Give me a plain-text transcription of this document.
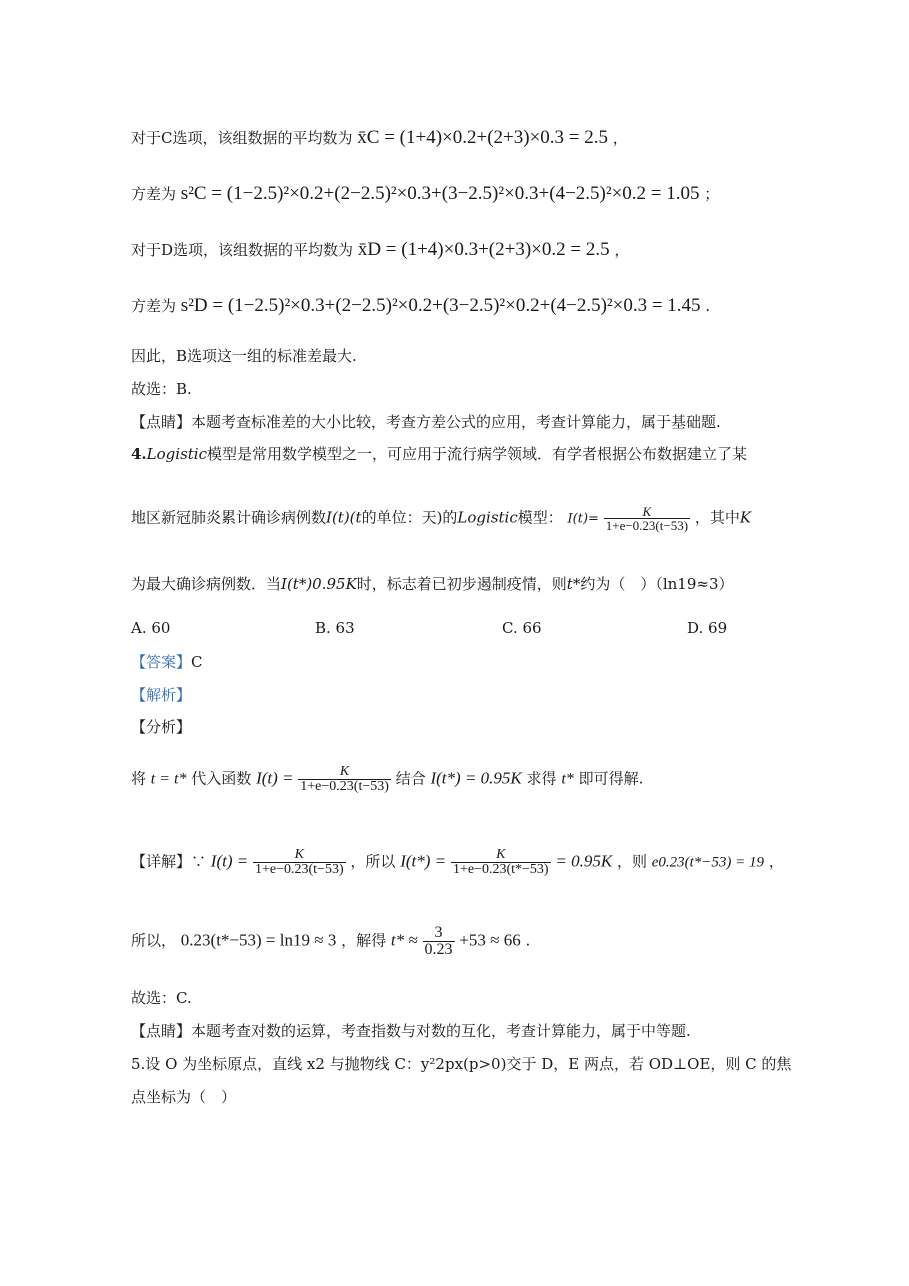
对于C选项，该组数据的平均数为 x̄C = (1+4)×0.2+(2+3)×0.3 = 2.5 ，
方差为 s²C = (1−2.5)²×0.2+(2−2.5)²×0.3+(3−2.5)²×0.3+(4−2.5)²×0.2 = 1.05 ；
对于D选项，该组数据的平均数为 x̄D = (1+4)×0.3+(2+3)×0.2 = 2.5 ，
方差为 s²D = (1−2.5)²×0.3+(2−2.5)²×0.2+(3−2.5)²×0.2+(4−2.5)²×0.3 = 1.45 .
因此，B选项这一组的标准差最大.
故选：B.
【点睛】本题考查标准差的大小比较，考查方差公式的应用，考查计算能力，属于基础题.
4.Logistic模型是常用数学模型之一，可应用于流行病学领域．有学者根据公布数据建立了某
地区新冠肺炎累计确诊病例数I(t)(t的单位：天)的Logistic模型： $I(t)= \frac{K}{1+e-0.23(t-53)}$ ，其中K
为最大确诊病例数．当I(t*)0.95K时，标志着已初步遏制疫情，则t*约为（　）（ln19≈3）
A. 60	B. 63	C. 66	D. 69
【答案】C
【解析】
【分析】
将 t = t* 代入函数 $I(t) = \frac{K}{1+e-0.23(t-53)}$ 结合 I(t*) = 0.95K 求得 t* 即可得解.
【详解】∵ $I(t) = \frac{K}{1+e-0.23(t-53)}$ ，所以 $I(t*) = \frac{K}{1+e-0.23(t*-53)} = 0.95K$ ，则 e0.23(t*−53) = 19 ，
所以， 0.23(t*−53) = ln19 ≈ 3 ，解得 $t* \approx \frac{3}{0.23} +53 \approx 66$ .
故选：C.
【点睛】本题考查对数的运算，考查指数与对数的互化，考查计算能力，属于中等题.
5.设 O 为坐标原点，直线 x2 与抛物线 C：y²2px(p>0)交于 D，E 两点，若 OD⊥OE，则 C 的焦
点坐标为（　）
